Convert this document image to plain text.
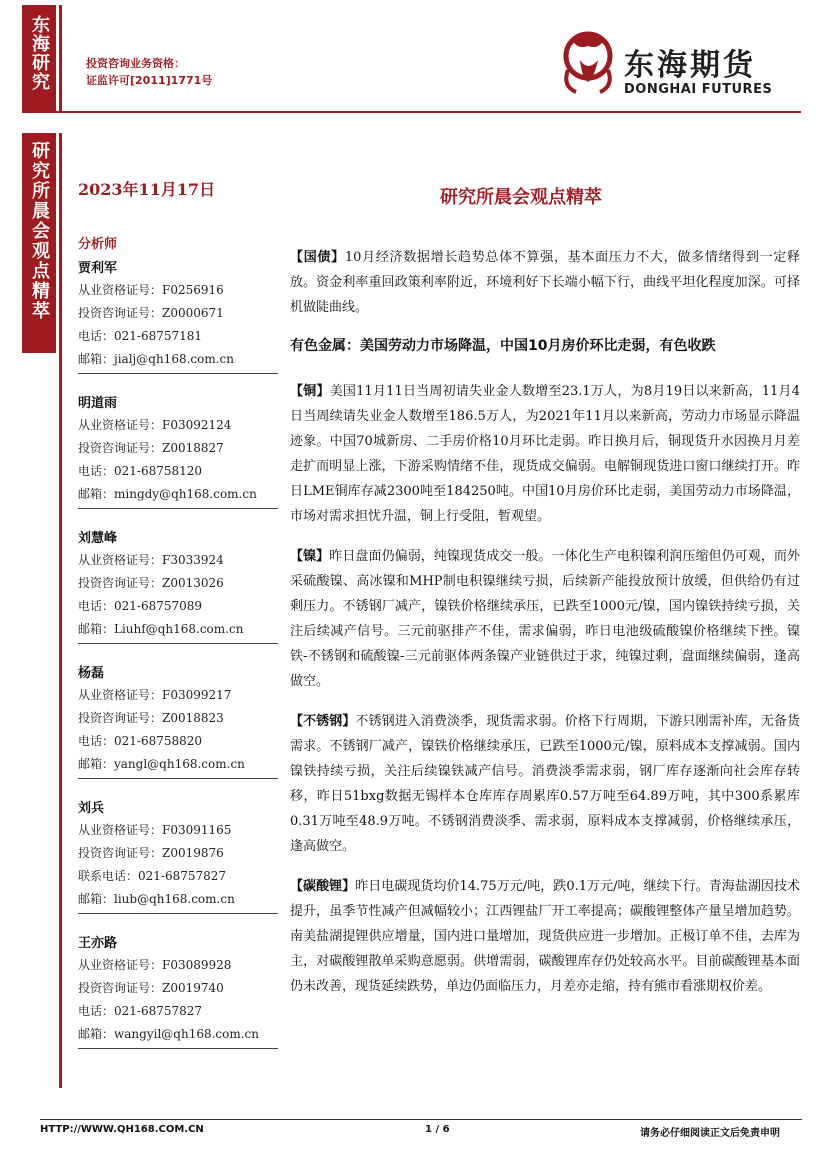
东海研究
研究所晨会观点精萃
投资咨询业务资格：
证监许可[2011]1771号	东海期货
DONGHAI FUTURES
2023年11月17日	研究所晨会观点精萃
分析师
贾利军
从业资格证号：F0256916
投资咨询证号：Z0000671
电话：021-68757181
邮箱：jialj@qh168.com.cn
明道雨
从业资格证号：F03092124
投资咨询证号：Z0018827
电话：021-68758120
邮箱：mingdy@qh168.com.cn
刘慧峰
从业资格证号：F3033924
投资咨询证号：Z0013026
电话：021-68757089
邮箱：Liuhf@qh168.com.cn
杨磊
从业资格证号：F03099217
投资咨询证号：Z0018823
电话：021-68758820
邮箱：yangl@qh168.com.cn
刘兵
从业资格证号：F03091165
投资咨询证号：Z0019876
联系电话：021-68757827
邮箱：liub@qh168.com.cn
王亦路
从业资格证号：F03089928
投资咨询证号：Z0019740
电话：021-68757827
邮箱：wangyil@qh168.com.cn

【国债】10月经济数据增长趋势总体不算强，基本面压力不大，做多情绪得到一定释放。资金利率重回政策利率附近，环境利好下长端小幅下行，曲线平坦化程度加深。可择机做陡曲线。

有色金属：美国劳动力市场降温，中国10月房价环比走弱，有色收跌

【铜】美国11月11日当周初请失业金人数增至23.1万人，为8月19日以来新高，11月4日当周续请失业金人数增至186.5万人，为2021年11月以来新高，劳动力市场显示降温迹象。中国70城新房、二手房价格10月环比走弱。昨日换月后，铜现货升水因换月月差走扩而明显上涨，下游采购情绪不佳，现货成交偏弱。电解铜现货进口窗口继续打开。昨日LME铜库存减2300吨至184250吨。中国10月房价环比走弱，美国劳动力市场降温，市场对需求担忧升温，铜上行受阻，暂观望。

【镍】昨日盘面仍偏弱，纯镍现货成交一般。一体化生产电积镍利润压缩但仍可观，而外采硫酸镍、高冰镍和MHP制电积镍继续亏损，后续新产能投放预计放缓，但供给仍有过剩压力。不锈钢厂减产，镍铁价格继续承压，已跌至1000元/镍，国内镍铁持续亏损，关注后续减产信号。三元前驱排产不佳，需求偏弱，昨日电池级硫酸镍价格继续下挫。镍铁-不锈钢和硫酸镍-三元前驱体两条镍产业链供过于求，纯镍过剩，盘面继续偏弱，逢高做空。

【不锈钢】不锈钢进入消费淡季，现货需求弱。价格下行周期，下游只刚需补库，无备货需求。不锈钢厂减产，镍铁价格继续承压，已跌至1000元/镍，原料成本支撑减弱。国内镍铁持续亏损，关注后续镍铁减产信号。消费淡季需求弱，钢厂库存逐渐向社会库存转移，昨日51bxg数据无锡样本仓库库存周累库0.57万吨至64.89万吨，其中300系累库0.31万吨至48.9万吨。不锈钢消费淡季、需求弱，原料成本支撑减弱，价格继续承压，逢高做空。

【碳酸锂】昨日电碳现货均价14.75万元/吨，跌0.1万元/吨，继续下行。青海盐湖因技术提升，虽季节性减产但减幅较小；江西锂盐厂开工率提高；碳酸锂整体产量呈增加趋势。南美盐湖提锂供应增量，国内进口量增加，现货供应进一步增加。正极订单不佳，去库为主，对碳酸锂散单采购意愿弱。供增需弱，碳酸锂库存仍处较高水平。目前碳酸锂基本面仍未改善，现货延续跌势，单边仍面临压力，月差亦走缩，持有熊市看涨期权价差。

HTTP://WWW.QH168.COM.CN	1 / 6	请务必仔细阅读正文后免责申明
